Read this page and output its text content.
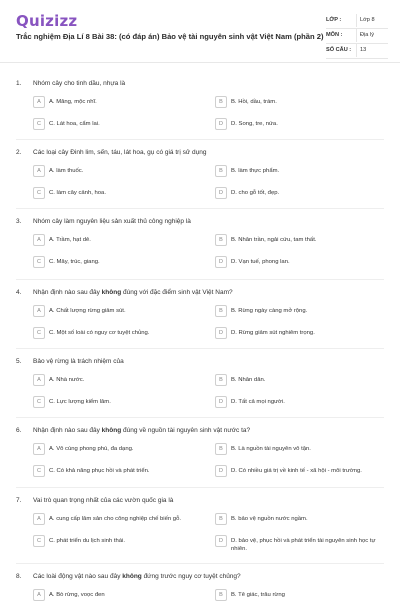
Quizizz
Trắc nghiệm Địa Lí 8 Bài 38: (có đáp án) Bảo vệ tài nguyên sinh vật Việt Nam (phần 2)
LỚP :	Lớp 8
MÔN :	Địa lý
SỐ CÂU : 13
1. Nhóm cây cho tinh dầu, nhựa là
A	A. Măng, mộc nhĩ.	B	B. Hồi, dầu, trám.
C	C. Lát hoa, cẩm lai.	D	D. Song, tre, nứa.
2. Các loại cây Đinh lim, sến, táu, lát hoa, gụ có giá trị sử dụng
A	A. làm thuốc.	B	B. làm thực phẩm.
C	C. làm cây cảnh, hoa.	D	D. cho gỗ tốt, đẹp.
3. Nhóm cây làm nguyên liệu sản xuất thủ công nghiệp là
A	A. Trầm, hạt dẻ.	B	B. Nhân trần, ngải cứu, tam thất.
C	C. Mây, trúc, giang.	D	D. Vạn tuế, phong lan.
4. Nhận định nào sau đây không đúng với đặc điểm sinh vật Việt Nam?
A	A. Chất lượng rừng giảm sút.	B	B. Rừng ngày càng mở rộng.
C	C. Một số loài có nguy cơ tuyệt chủng.	D	D. Rừng giảm sút nghiêm trọng.
5. Bảo vệ rừng là trách nhiệm của
A	A. Nhà nước.	B	B. Nhân dân.
C	C. Lực lượng kiểm lâm.	D	D. Tất cả mọi người.
6. Nhận định nào sau đây không đúng về nguồn tài nguyên sinh vật nước ta?
A	A. Vô cùng phong phú, đa dạng.	B	B. Là nguồn tài nguyên vô tận.
C	C. Có khả năng phục hồi và phát triển.	D	D. Có nhiều giá trị về kinh tế - xã hội - môi trường.
7. Vai trò quan trọng nhất của các vườn quốc gia là
A	A. cung cấp lâm sản cho công nghiệp chế biến gỗ.	B	B. bảo vệ nguồn nước ngầm.
C	C. phát triển du lịch sinh thái.	D	D. bảo vệ, phục hồi và phát triển tài nguyên sinh học tự nhiên.
8. Các loài động vật nào sau đây không đứng trước nguy cơ tuyệt chủng?
A	A. Bò rừng, voọc đen	B	B. Tê giác, trâu rừng
